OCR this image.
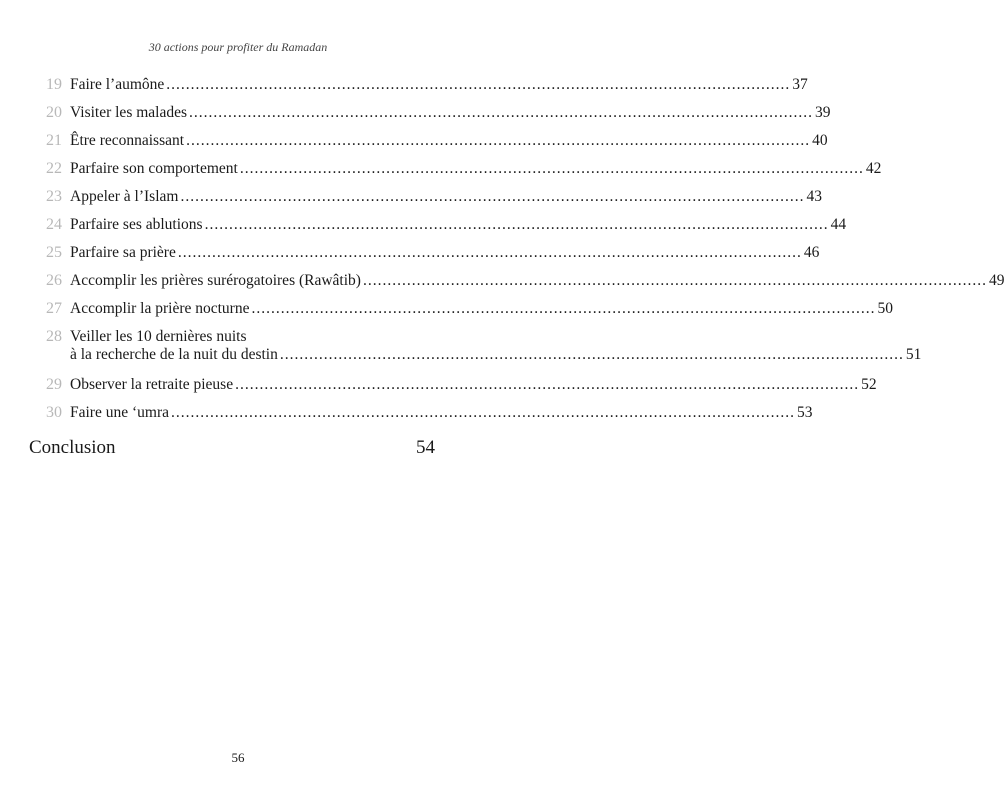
30 actions pour profiter du Ramadan
19 Faire l’aumône .....	37
20 Visiter les malades .....	39
21 Être reconnaissant .....	40
22 Parfaire son comportement .....	42
23 Appeler à l’Islam .....	43
24 Parfaire ses ablutions .....	44
25 Parfaire sa prière .....	46
26 Accomplir les prières surérogatoires (Rawâtib) .....	49
27 Accomplir la prière nocturne .....	50
28 Veiller les 10 dernières nuits
à la recherche de la nuit du destin .....	51
29 Observer la retraite pieuse .....	52
30 Faire une ‘umra .....	53
Conclusion	54
56
